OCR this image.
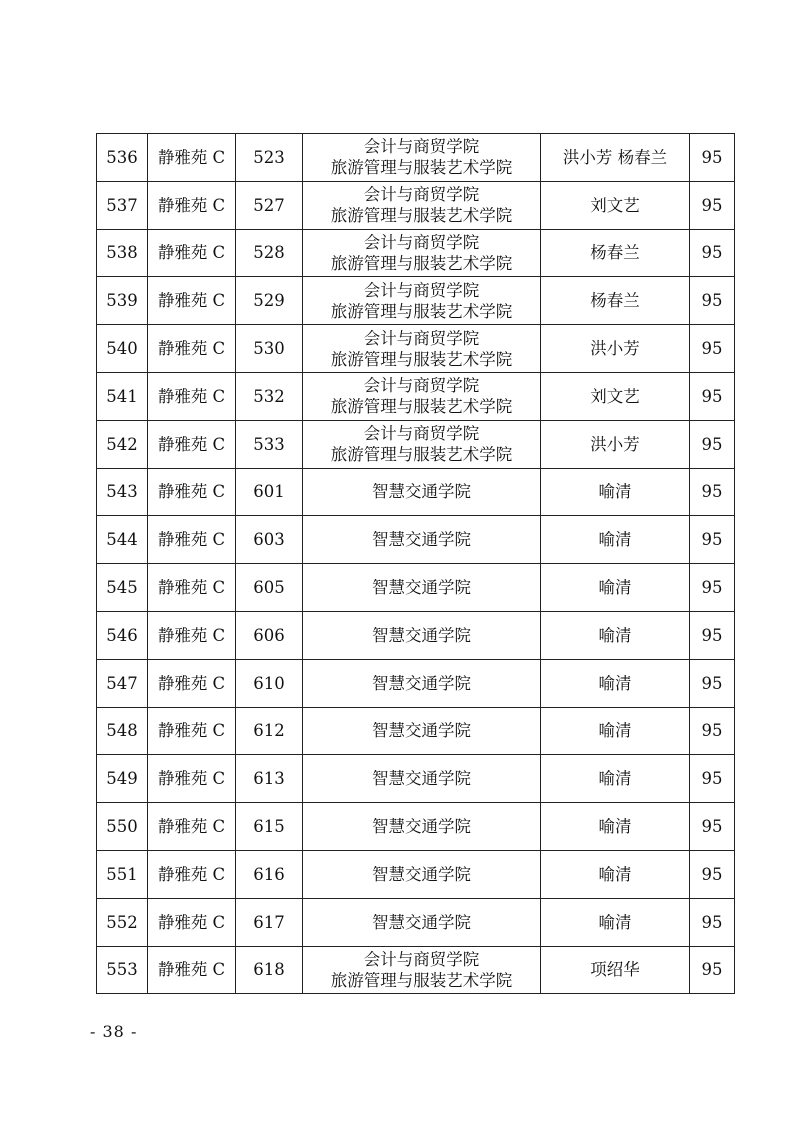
536	静雅苑 C	523	会计与商贸学院
旅游管理与服装艺术学院	洪小芳 杨春兰	95
537	静雅苑 C	527	会计与商贸学院
旅游管理与服装艺术学院	刘文艺	95
538	静雅苑 C	528	会计与商贸学院
旅游管理与服装艺术学院	杨春兰	95
539	静雅苑 C	529	会计与商贸学院
旅游管理与服装艺术学院	杨春兰	95
540	静雅苑 C	530	会计与商贸学院
旅游管理与服装艺术学院	洪小芳	95
541	静雅苑 C	532	会计与商贸学院
旅游管理与服装艺术学院	刘文艺	95
542	静雅苑 C	533	会计与商贸学院
旅游管理与服装艺术学院	洪小芳	95
543	静雅苑 C	601	智慧交通学院	喻清	95
544	静雅苑 C	603	智慧交通学院	喻清	95
545	静雅苑 C	605	智慧交通学院	喻清	95
546	静雅苑 C	606	智慧交通学院	喻清	95
547	静雅苑 C	610	智慧交通学院	喻清	95
548	静雅苑 C	612	智慧交通学院	喻清	95
549	静雅苑 C	613	智慧交通学院	喻清	95
550	静雅苑 C	615	智慧交通学院	喻清	95
551	静雅苑 C	616	智慧交通学院	喻清	95
552	静雅苑 C	617	智慧交通学院	喻清	95
553	静雅苑 C	618	会计与商贸学院
旅游管理与服装艺术学院	项绍华	95
- 38 -
